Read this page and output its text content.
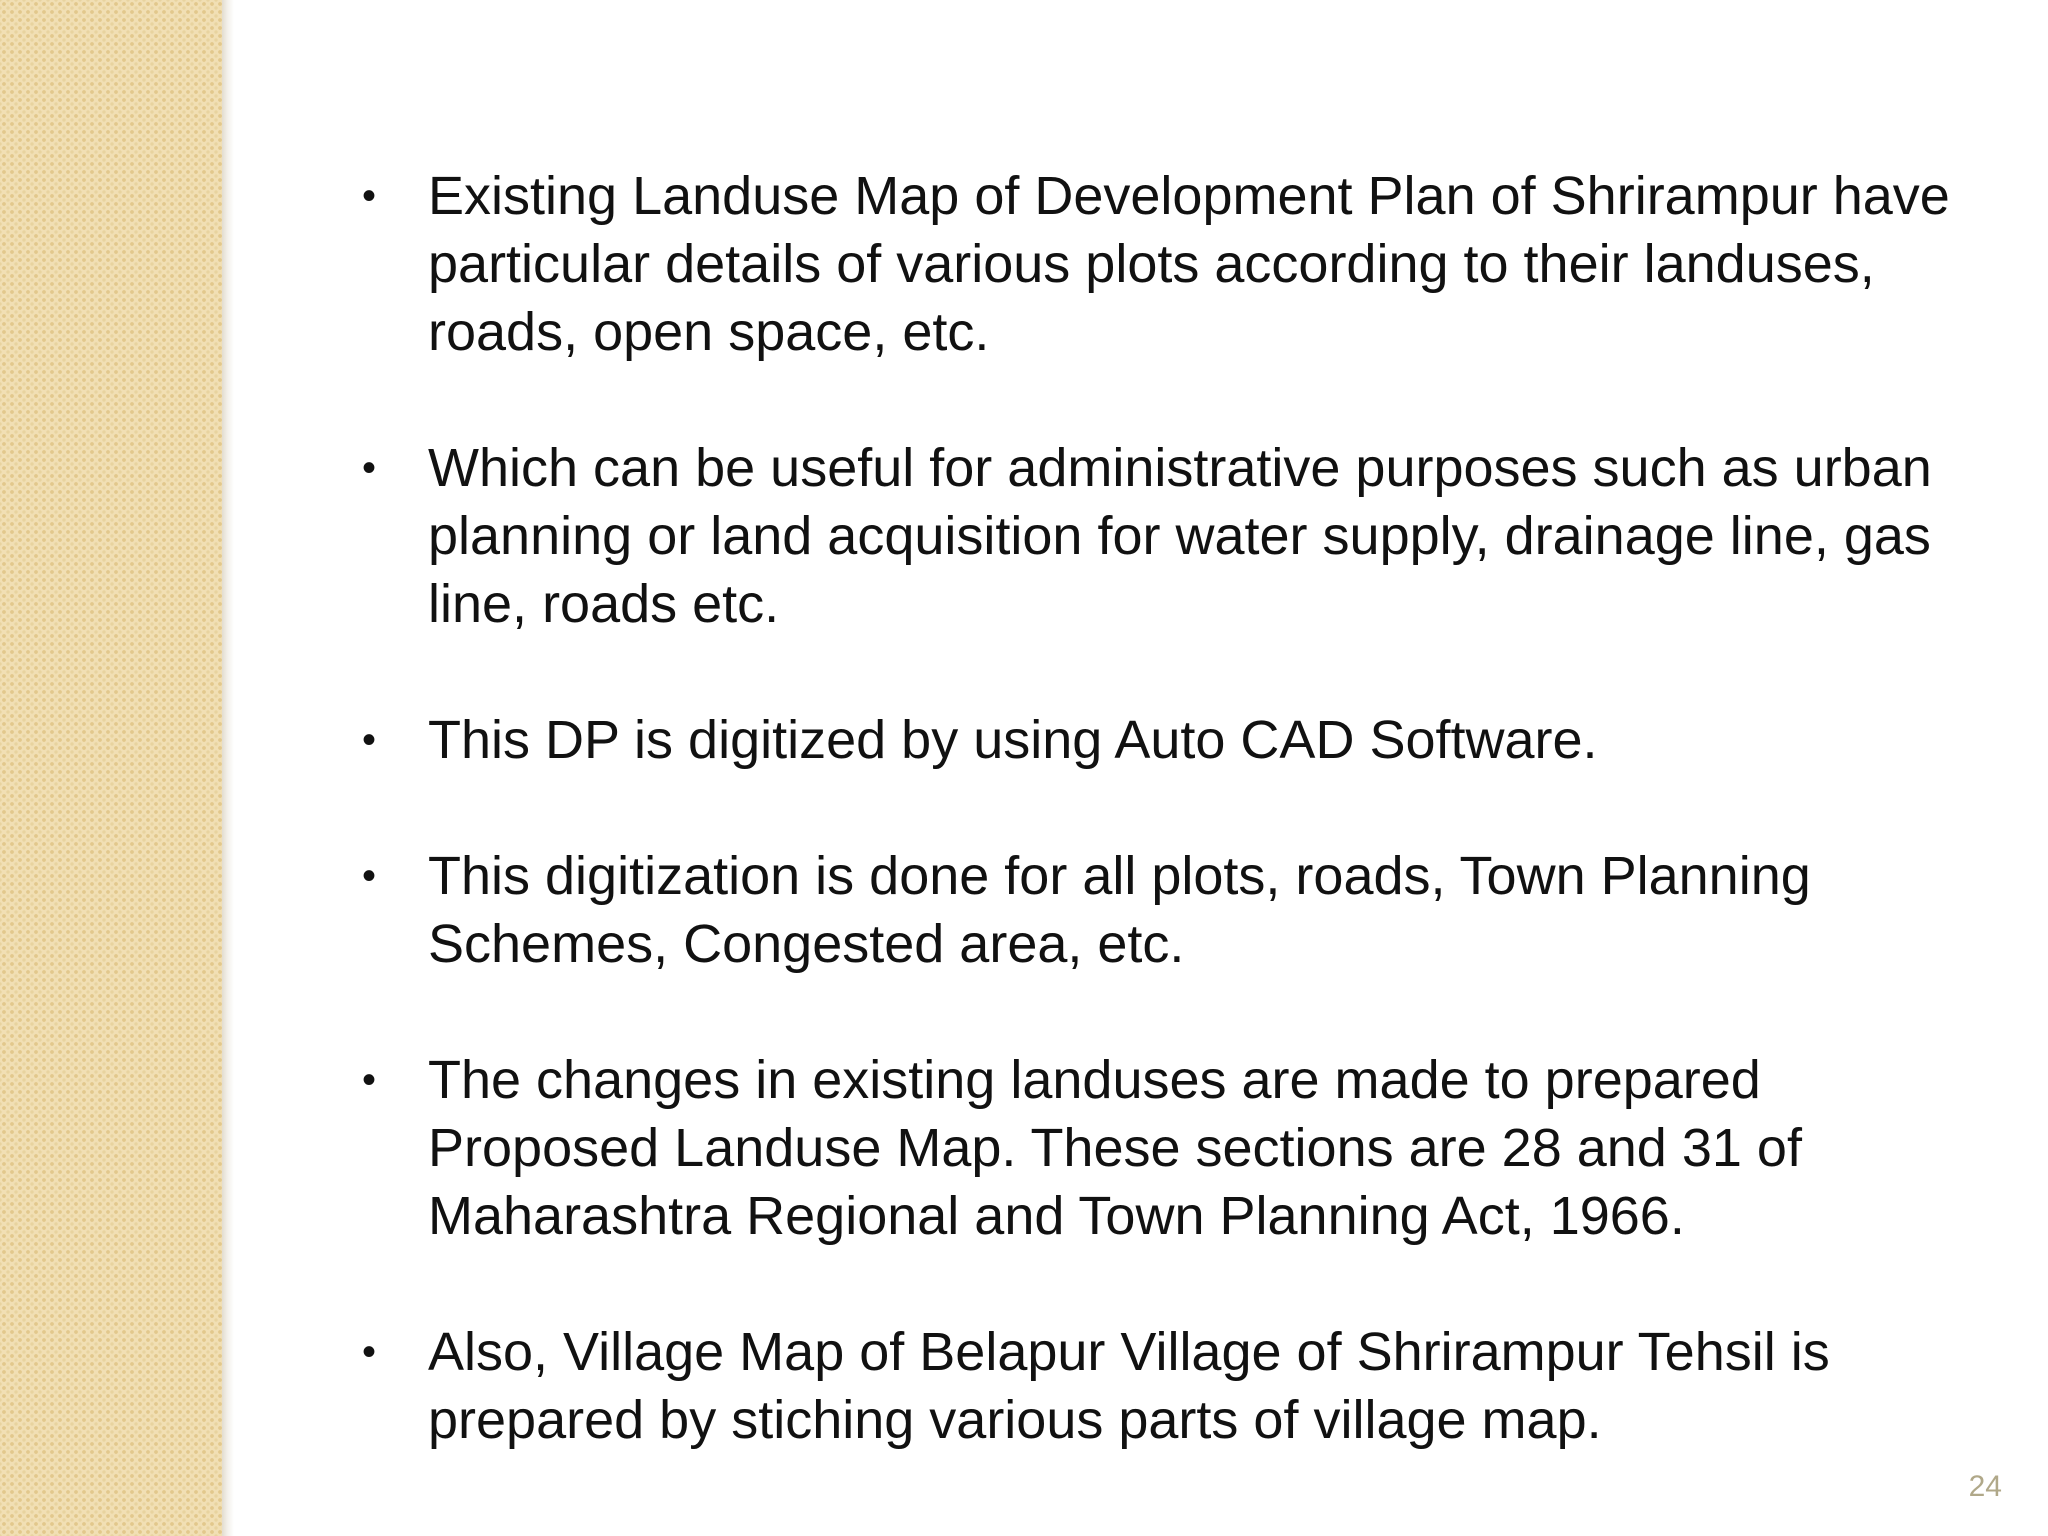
• Existing Landuse Map of Development Plan of Shrirampur have particular details of various plots according to their landuses, roads, open space, etc.
• Which can be useful for administrative purposes such as urban planning or land acquisition for water supply, drainage line, gas line, roads etc.
• This DP is digitized by using Auto CAD Software.
• This digitization is done for all plots, roads, Town Planning Schemes, Congested area, etc.
• The changes in existing landuses are made to prepared Proposed Landuse Map. These sections are 28 and 31 of Maharashtra Regional and Town Planning Act, 1966.
• Also, Village Map of Belapur Village of Shrirampur Tehsil is prepared by stiching various parts of village map.
24
